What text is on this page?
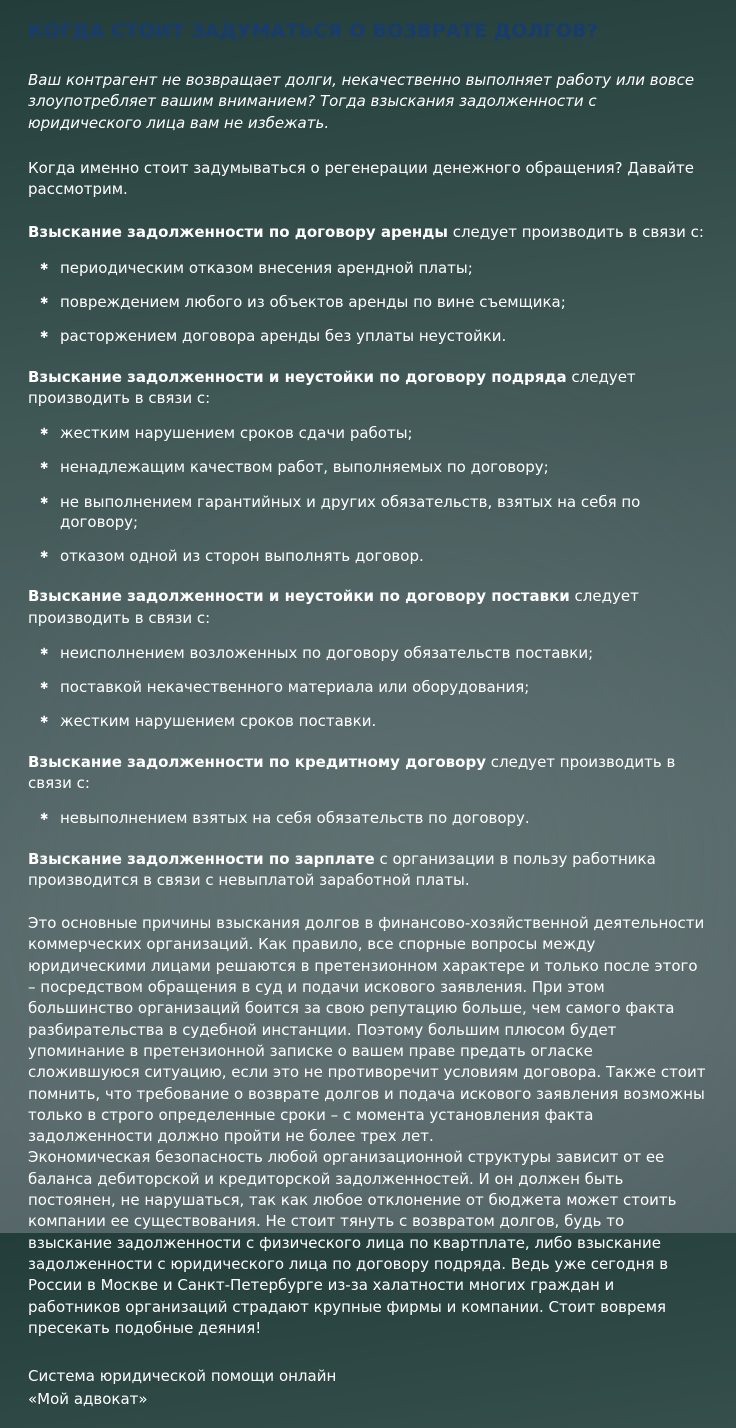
КОГДА СТОИТ ЗАДУМАТЬСЯ О ВОЗВРАТЕ ДОЛГОВ?

Ваш контрагент не возвращает долги, некачественно выполняет работу или вовсе злоупотребляет вашим вниманием? Тогда взыскания задолженности с юридического лица вам не избежать.

Когда именно стоит задумываться о регенерации денежного обращения? Давайте рассмотрим.

Взыскание задолженности по договору аренды следует производить в связи с:

✱ периодическим отказом внесения арендной платы;
✱ повреждением любого из объектов аренды по вине съемщика;
✱ расторжением договора аренды без уплаты неустойки.

Взыскание задолженности и неустойки по договору подряда следует производить в связи с:

✱ жестким нарушением сроков сдачи работы;
✱ ненадлежащим качеством работ, выполняемых по договору;
✱ не выполнением гарантийных и других обязательств, взятых на себя по договору;
✱ отказом одной из сторон выполнять договор.

Взыскание задолженности и неустойки по договору поставки следует производить в связи с:

✱ неисполнением возложенных по договору обязательств поставки;
✱ поставкой некачественного материала или оборудования;
✱ жестким нарушением сроков поставки.

Взыскание задолженности по кредитному договору следует производить в связи с:

✱ невыполнением взятых на себя обязательств по договору.

Взыскание задолженности по зарплате с организации в пользу работника производится в связи с невыплатой заработной платы.

Это основные причины взыскания долгов в финансово-хозяйственной деятельности коммерческих организаций. Как правило, все спорные вопросы между юридическими лицами решаются в претензионном характере и только после этого – посредством обращения в суд и подачи искового заявления. При этом большинство организаций боится за свою репутацию больше, чем самого факта разбирательства в судебной инстанции. Поэтому большим плюсом будет упоминание в претензионной записке о вашем праве предать огласке сложившуюся ситуацию, если это не противоречит условиям договора. Также стоит помнить, что требование о возврате долгов и подача искового заявления возможны только в строго определенные сроки – с момента установления факта задолженности должно пройти не более трех лет.

Экономическая безопасность любой организационной структуры зависит от ее баланса дебиторской и кредиторской задолженностей. И он должен быть постоянен, не нарушаться, так как любое отклонение от бюджета может стоить компании ее существования. Не стоит тянуть с возвратом долгов, будь то взыскание задолженности с физического лица по квартплате, либо взыскание задолженности с юридического лица по договору подряда. Ведь уже сегодня в России в Москве и Санкт-Петербурге из-за халатности многих граждан и работников организаций страдают крупные фирмы и компании. Стоит вовремя пресекать подобные деяния!

Система юридической помощи онлайн
«Мой адвокат»
